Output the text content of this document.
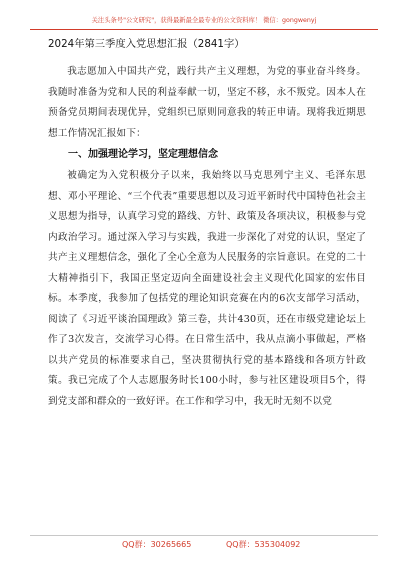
关注头条号"公文研究"，获得最新最全最专业的公文资料库！ 微信：gongwenyj
2024年第三季度入党思想汇报（2841字）

我志愿加入中国共产党，践行共产主义理想，为党的事业奋斗终身。我随时准备为党和人民的利益奉献一切，坚定不移，永不叛党。因本人在预备党员期间表现优异，党组织已原则同意我的转正申请。现将我近期思想工作情况汇报如下：

一、加强理论学习，坚定理想信念

被确定为入党积极分子以来，我始终以马克思列宁主义、毛泽东思想、邓小平理论、“三个代表”重要思想以及习近平新时代中国特色社会主义思想为指导，认真学习党的路线、方针、政策及各项决议，积极参与党内政治学习。通过深入学习与实践，我进一步深化了对党的认识，坚定了共产主义理想信念，强化了全心全意为人民服务的宗旨意识。在党的二十大精神指引下，我国正坚定迈向全面建设社会主义现代化国家的宏伟目标。本季度，我参加了包括党的理论知识竞赛在内的6次支部学习活动，阅读了《习近平谈治国理政》第三卷，共计430页，还在市级党建论坛上作了3次发言，交流学习心得。在日常生活中，我从点滴小事做起，严格以共产党员的标准要求自己，坚决贯彻执行党的基本路线和各项方针政策。我已完成了个人志愿服务时长100小时，参与社区建设项目5个，得到党支部和群众的一致好评。在工作和学习中，我无时无刻不以党

QQ群：30265665	QQ群：535304092
